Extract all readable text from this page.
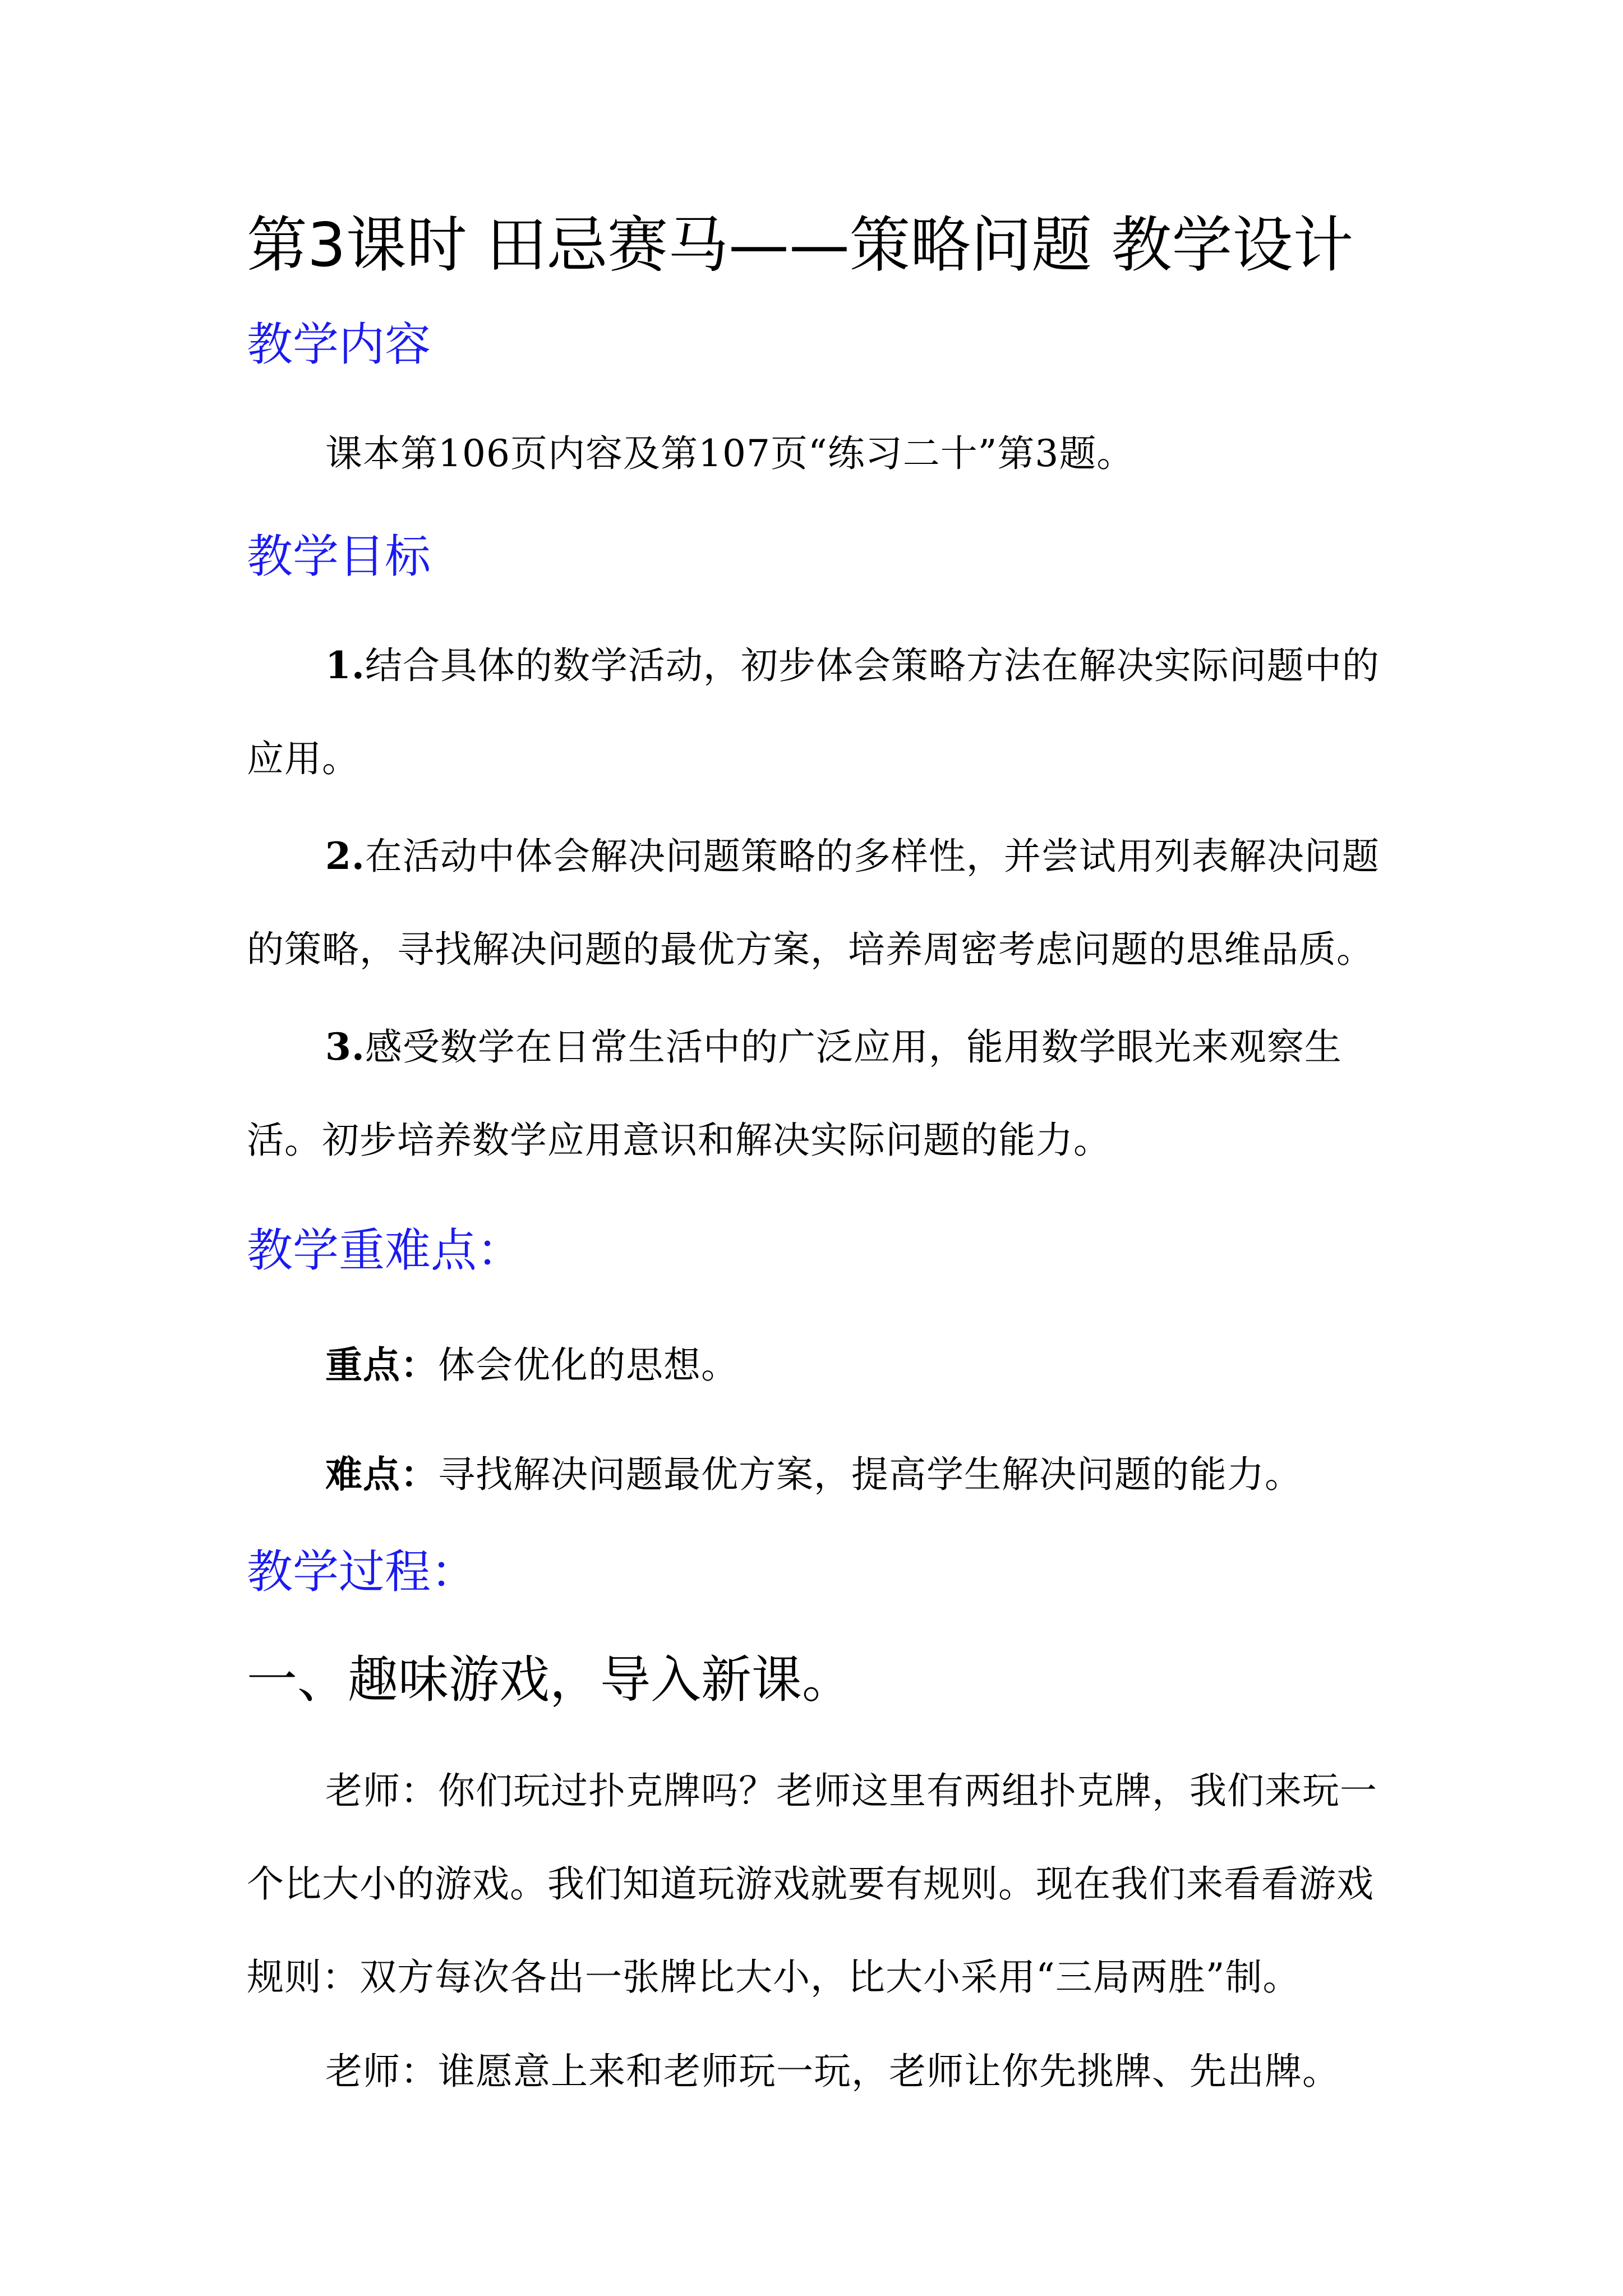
第3课时 田忌赛马——策略问题 教学设计
教学内容

课本第106页内容及第107页“练习二十”第3题。

教学目标

1.结合具体的数学活动，初步体会策略方法在解决实际问题中的应用。

2.在活动中体会解决问题策略的多样性，并尝试用列表解决问题的策略，寻找解决问题的最优方案，培养周密考虑问题的思维品质。

3.感受数学在日常生活中的广泛应用，能用数学眼光来观察生活。初步培养数学应用意识和解决实际问题的能力。

教学重难点：

重点：体会优化的思想。

难点：寻找解决问题最优方案，提高学生解决问题的能力。

教学过程：
一、趣味游戏，导入新课。

老师：你们玩过扑克牌吗？老师这里有两组扑克牌，我们来玩一个比大小的游戏。我们知道玩游戏就要有规则。现在我们来看看游戏规则：双方每次各出一张牌比大小，比大小采用“三局两胜”制。

老师：谁愿意上来和老师玩一玩，老师让你先挑牌、先出牌。
